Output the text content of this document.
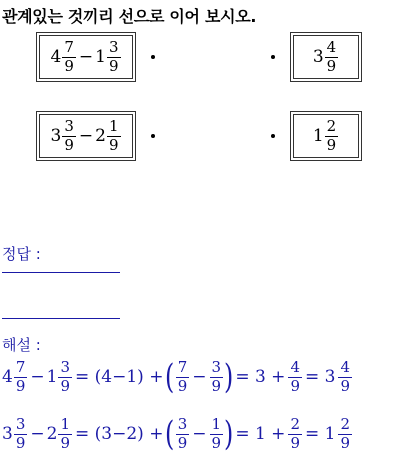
관계있는 것끼리 선으로 이어 보시오.
$4 \frac{7}{9} - 1 \frac{3}{9}$	$3 \frac{4}{9}$
$3 \frac{3}{9} - 2 \frac{1}{9}$	$1 \frac{2}{9}$
정답 :
해설 :
$4 \frac{7}{9} - 1 \frac{3}{9} = (4-1)$ + ( $\frac{7}{9} - \frac{3}{9}$ ) = $3 + \frac{4}{9} = 3 \frac{4}{9}$
$3 \frac{3}{9} - 2 \frac{1}{9} = (3-2)$ + ( $\frac{3}{9} - \frac{1}{9}$ ) = $1 + \frac{2}{9} = 1 \frac{2}{9}$
